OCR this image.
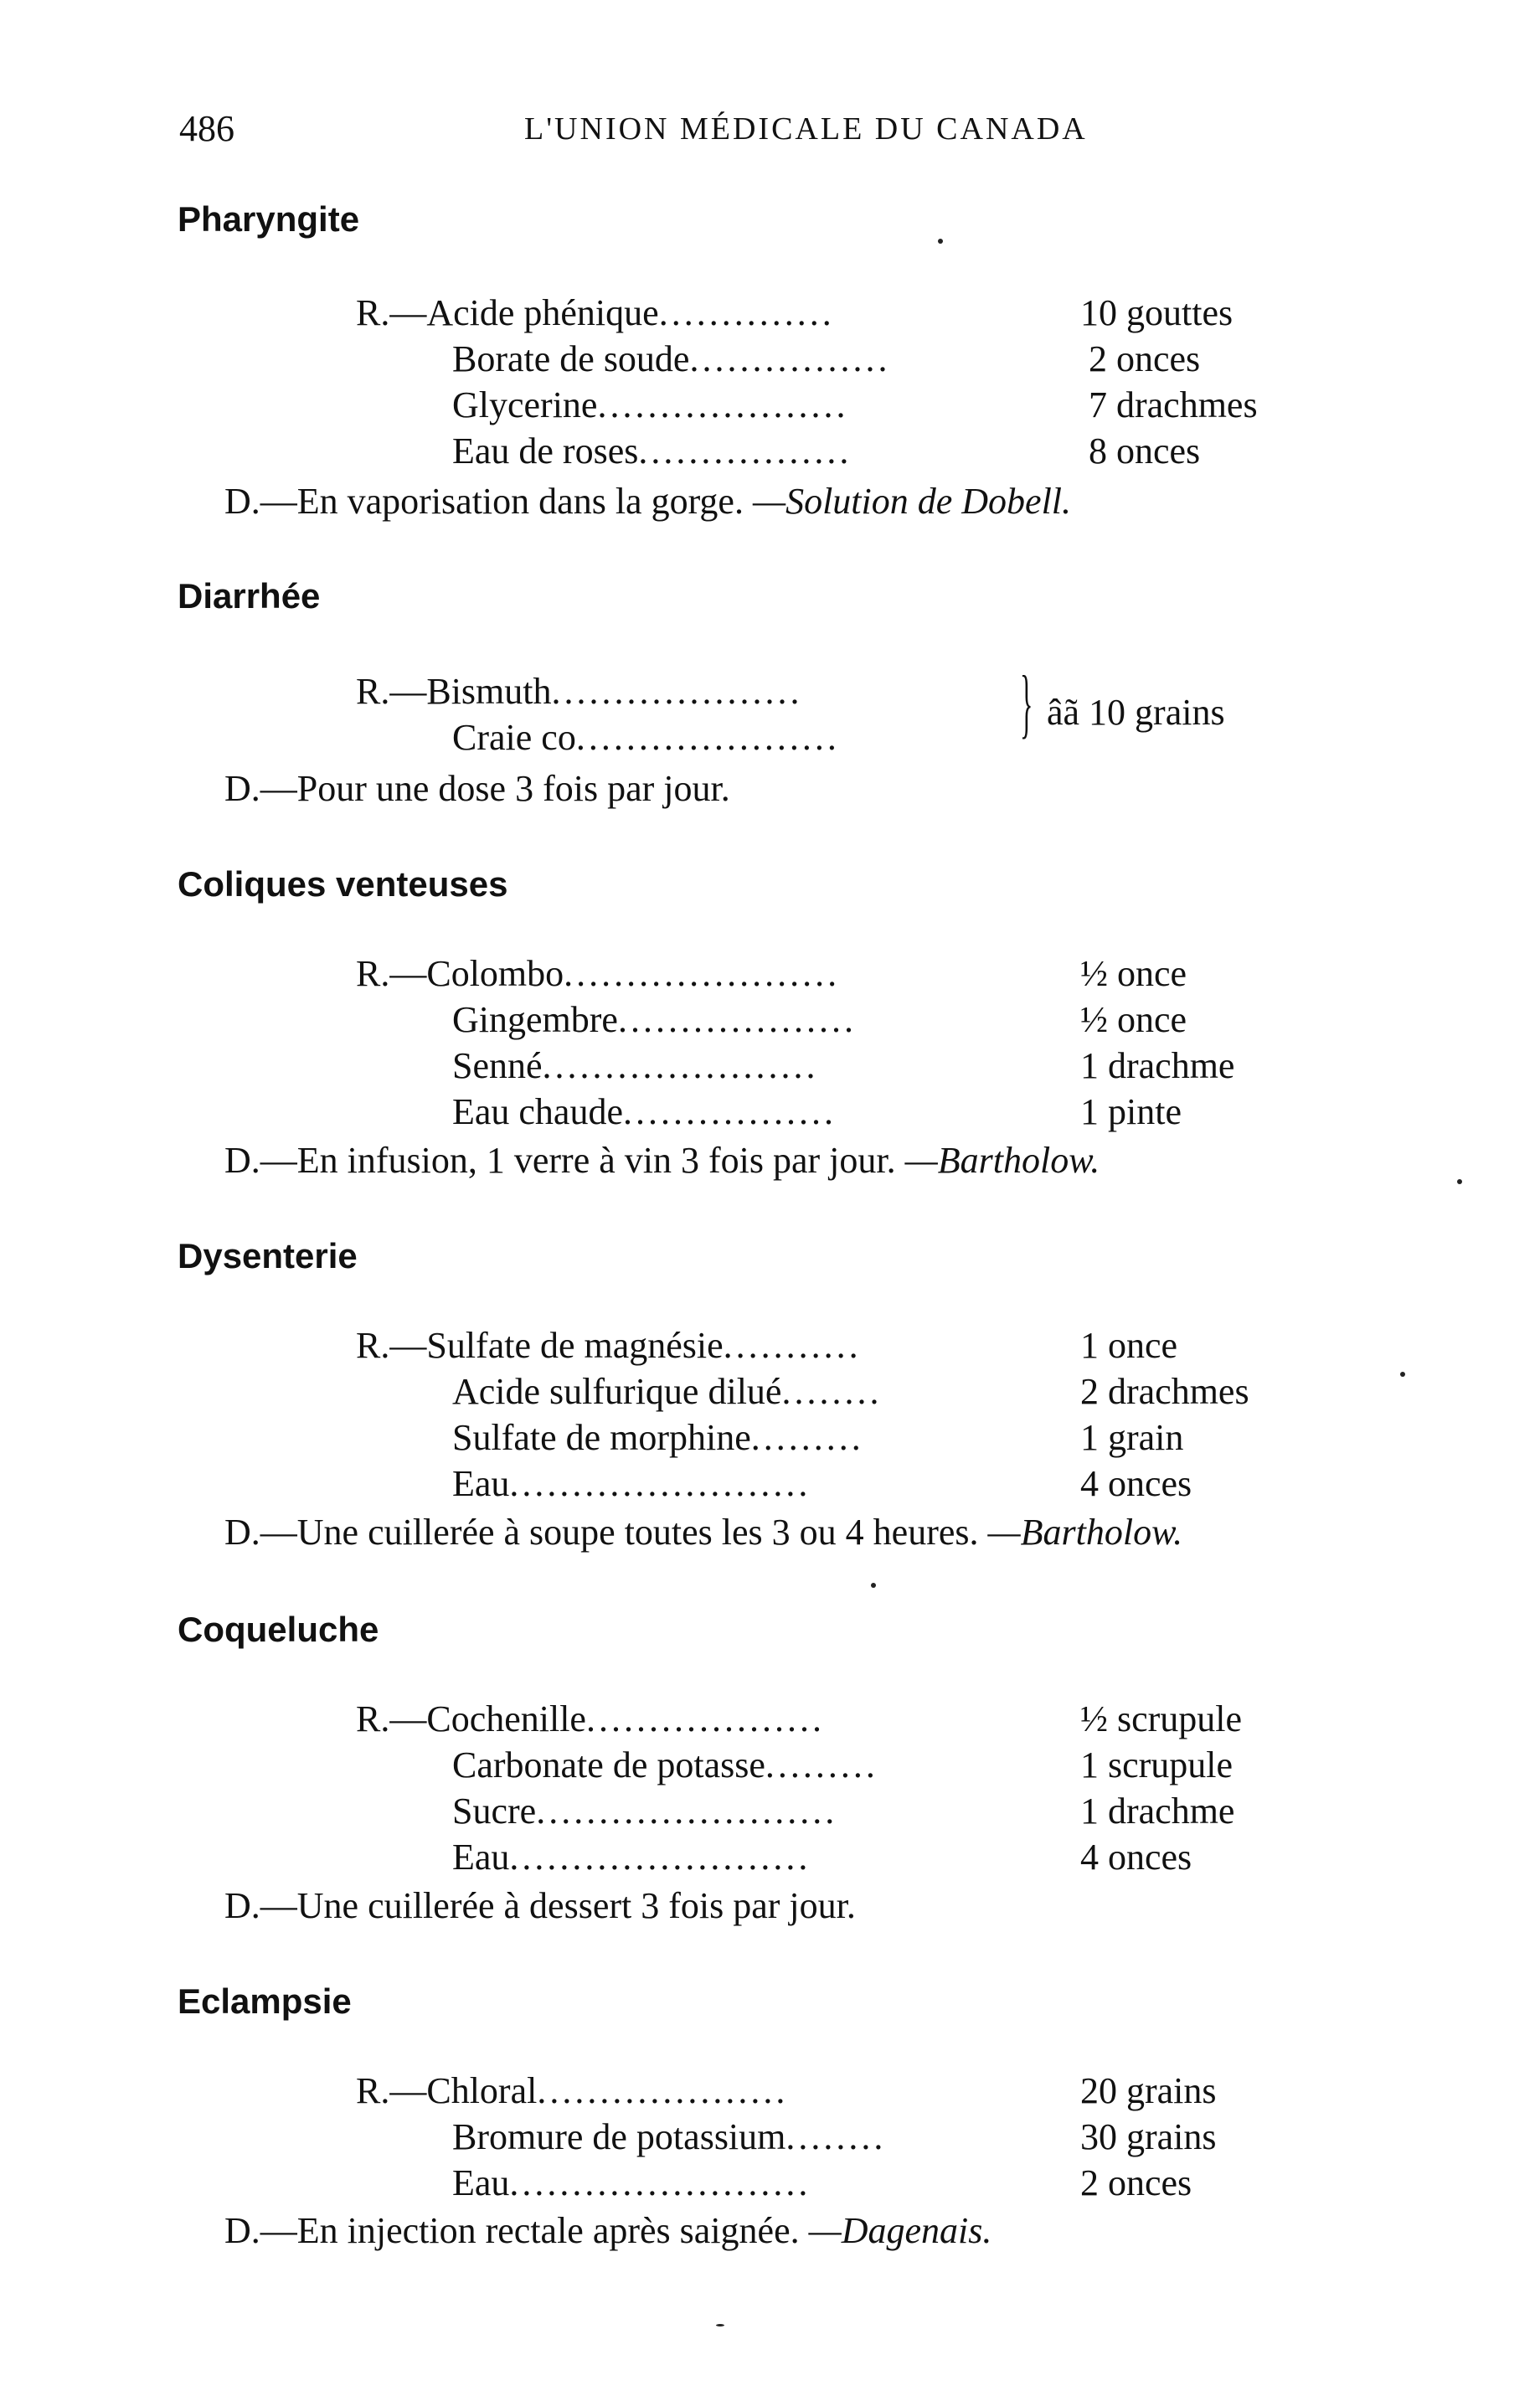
486	L'UNION MÉDICALE DU CANADA
Pharyngite
R.—Acide phénique..............	10 gouttes
Borate de soude................	2 onces
Glycerine....................	7 drachmes
Eau de roses.................	8 onces
D.—En vaporisation dans la gorge. —Solution de Dobell.
Diarrhée
R.—Bismuth....................
Craie co..................... } âã 10 grains
D.—Pour une dose 3 fois par jour.
Coliques venteuses
R.—Colombo......................	½ once
Gingembre...................	½ once
Senné......................	1 drachme
Eau chaude.................	1 pinte
D.—En infusion, 1 verre à vin 3 fois par jour. —Bartholow.
Dysenterie
R.—Sulfate de magnésie...........	1 once
Acide sulfurique dilué........	2 drachmes
Sulfate de morphine.........	1 grain
Eau........................	4 onces
D.—Une cuillerée à soupe toutes les 3 ou 4 heures. —Bartholow.
Coqueluche
R.—Cochenille...................	½ scrupule
Carbonate de potasse.........	1 scrupule
Sucre........................	1 drachme
Eau........................	4 onces
D.—Une cuillerée à dessert 3 fois par jour.
Eclampsie
R.—Chloral....................	20 grains
Bromure de potassium........	30 grains
Eau........................	2 onces
D.—En injection rectale après saignée. —Dagenais.
